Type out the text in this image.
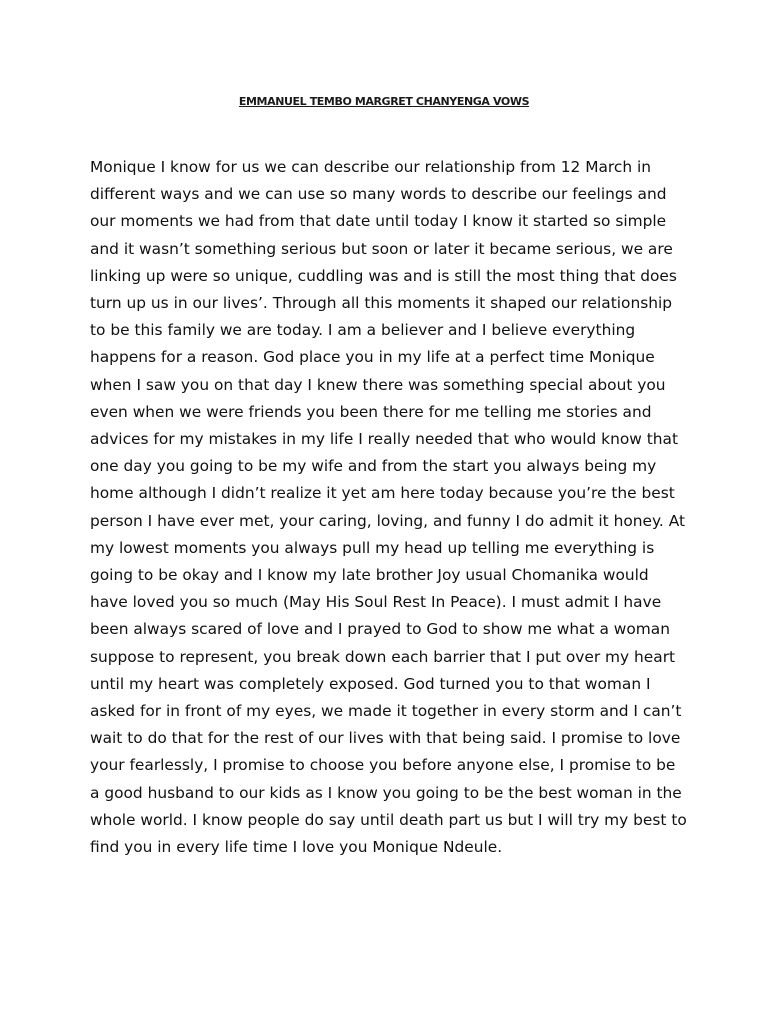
EMMANUEL TEMBO MARGRET CHANYENGA VOWS

Monique I know for us we can describe our relationship from 12 March in
different ways and we can use so many words to describe our feelings and
our moments we had from that date until today I know it started so simple
and it wasn’t something serious but soon or later it became serious, we are
linking up were so unique, cuddling was and is still the most thing that does
turn up us in our lives’. Through all this moments it shaped our relationship
to be this family we are today. I am a believer and I believe everything
happens for a reason. God place you in my life at a perfect time Monique
when I saw you on that day I knew there was something special about you
even when we were friends you been there for me telling me stories and
advices for my mistakes in my life I really needed that who would know that
one day you going to be my wife and from the start you always being my
home although I didn’t realize it yet am here today because you’re the best
person I have ever met, your caring, loving, and funny I do admit it honey. At
my lowest moments you always pull my head up telling me everything is
going to be okay and I know my late brother Joy usual Chomanika would
have loved you so much (May His Soul Rest In Peace). I must admit I have
been always scared of love and I prayed to God to show me what a woman
suppose to represent, you break down each barrier that I put over my heart
until my heart was completely exposed. God turned you to that woman I
asked for in front of my eyes, we made it together in every storm and I can’t
wait to do that for the rest of our lives with that being said. I promise to love
your fearlessly, I promise to choose you before anyone else, I promise to be
a good husband to our kids as I know you going to be the best woman in the
whole world. I know people do say until death part us but I will try my best to
find you in every life time I love you Monique Ndeule.
